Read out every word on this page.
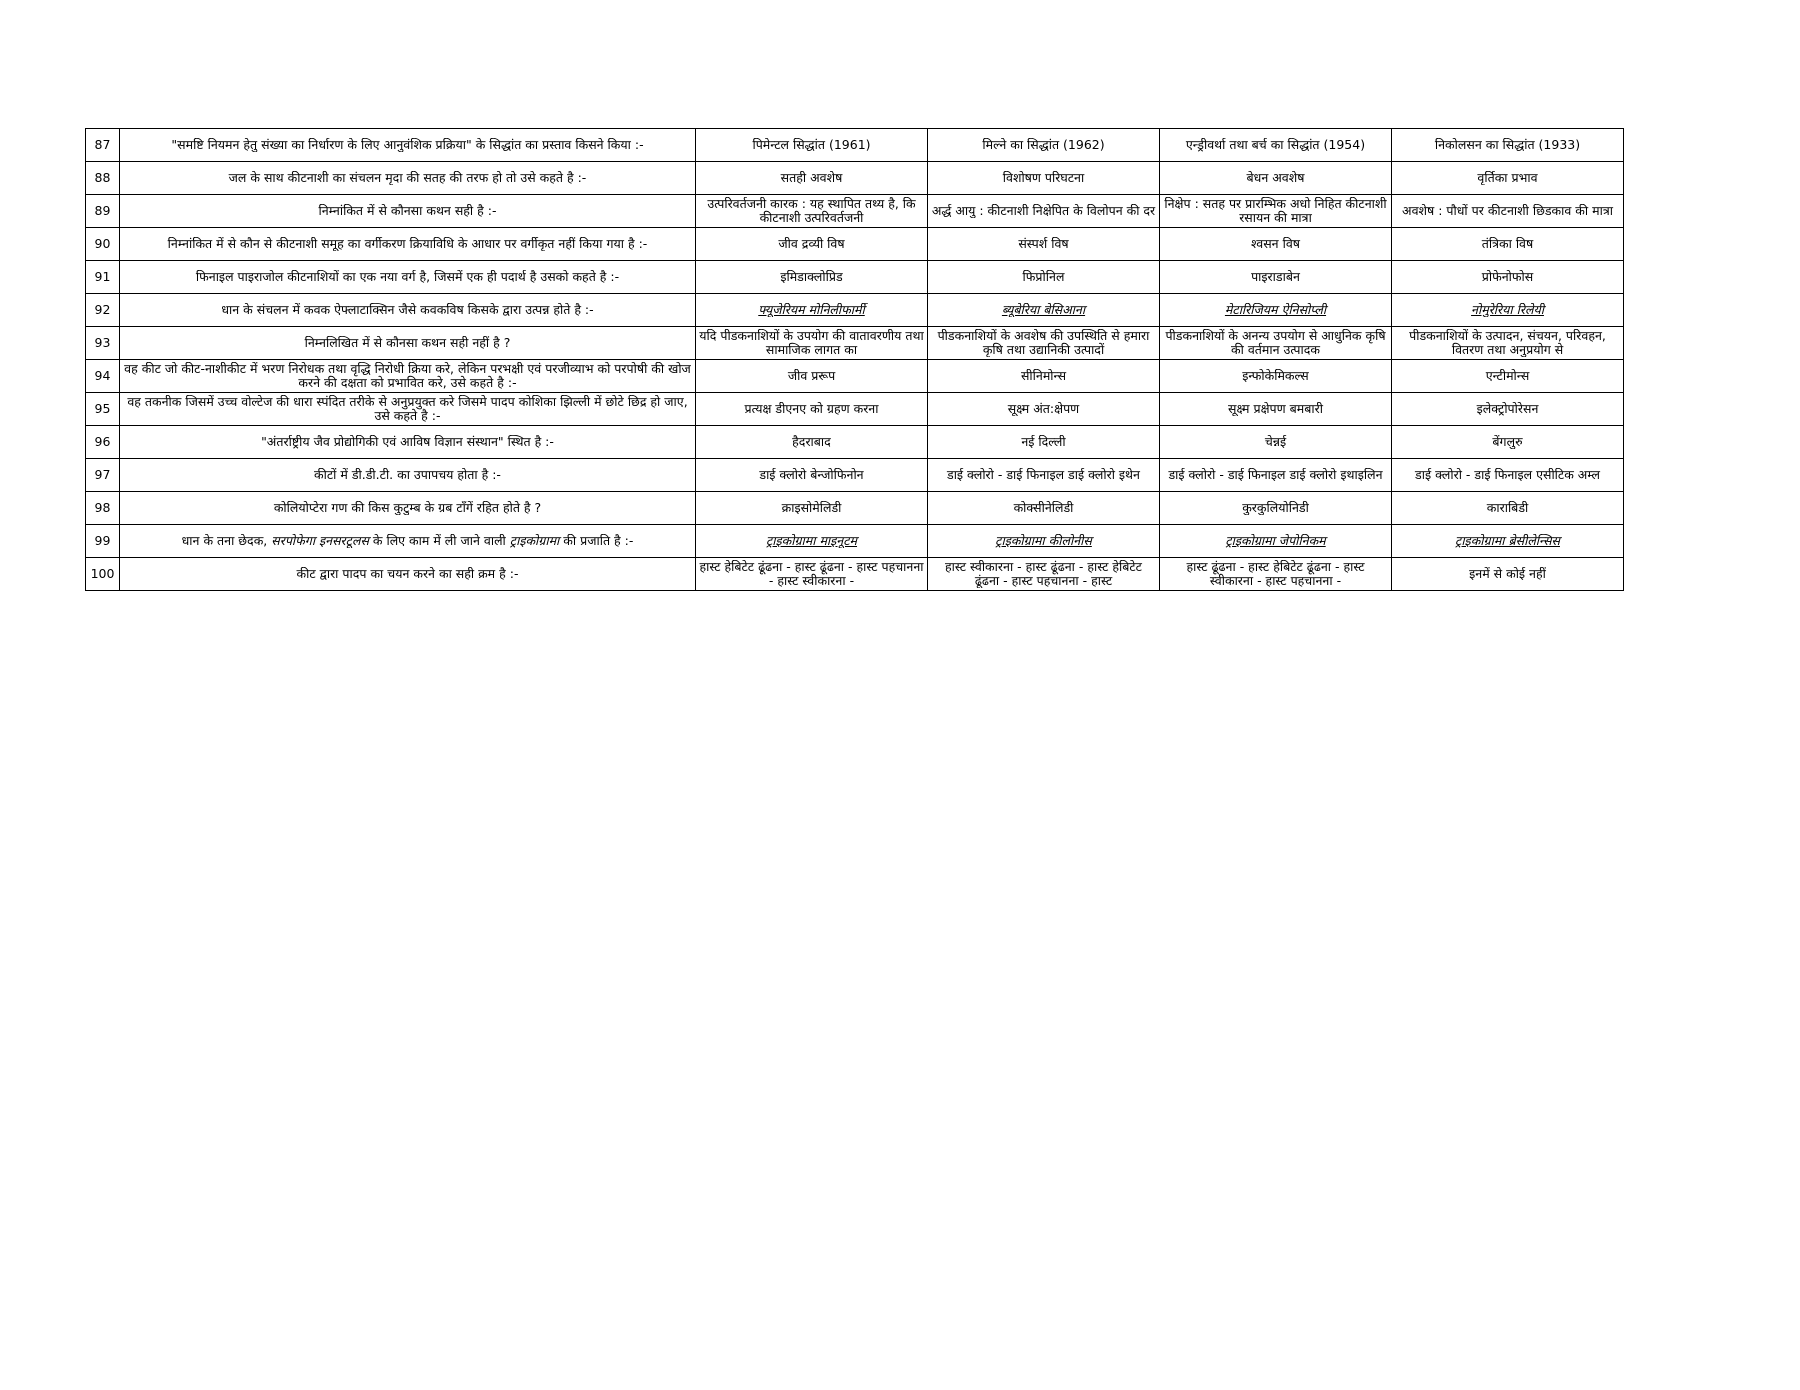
87	"समष्टि नियमन हेतु संख्या का निर्धारण के लिए आनुवंशिक प्रक्रिया" के सिद्धांत का प्रस्ताव किसने किया :-	पिमेन्टल सिद्धांत (1961)	मिल्ने का सिद्धांत (1962)	एन्ड्रीवर्था तथा बर्च का सिद्धांत (1954)	निकोलसन का सिद्धांत (1933)

88	जल के साथ कीटनाशी का संचलन मृदा की सतह की तरफ हो तो उसे कहते है :-	सतही अवशेष	विशोषण परिघटना	बेधन अवशेष	वृर्तिका प्रभाव

89	निम्नांकित में से कौनसा कथन सही है :-	उत्परिवर्तजनी कारक : यह स्थापित तथ्य है, कि कीटनाशी उत्परिवर्तजनी	अर्द्ध आयु : कीटनाशी निक्षेपित के विलोपन की दर	निक्षेप : सतह पर प्रारम्भिक अधो निहित कीटनाशी रसायन की मात्रा	अवशेष : पौधों पर कीटनाशी छिडकाव की मात्रा

90	निम्नांकित में से कौन से कीटनाशी समूह का वर्गीकरण क्रियाविधि के आधार पर वर्गीकृत नहीं किया गया है :-	जीव द्रव्यी विष	संस्पर्श विष	श्वसन विष	तंत्रिका विष

91	फिनाइल पाइराजोल कीटनाशियों का एक नया वर्ग है, जिसमें एक ही पदार्थ है उसको कहते है :-	इमिडाक्लोप्रिड	फिप्रोनिल	पाइराडाबेन	प्रोफेनोफोस

92	धान के संचलन में कवक ऐफ्लाटाक्सिन जैसे कवकविष किसके द्वारा उत्पन्न होते है :-	फ्यूजेरियम मोनिलीफार्मी	ब्यूबेरिया बेसिआना	मेटारिजियम ऐनिसोप्ली	नोमुरेरिया रिलेयी

93	निम्नलिखित में से कौनसा कथन सही नहीं है ?	यदि पीडकनाशियों के उपयोग की वातावरणीय तथा सामाजिक लागत का	पीडकनाशियों के अवशेष की उपस्थिति से हमारा कृषि तथा उद्यानिकी उत्पादों	पीडकनाशियों के अनन्य उपयोग से आधुनिक कृषि की वर्तमान उत्पादक	पीडकनाशियों के उत्पादन, संचयन, परिवहन, वितरण तथा अनुप्रयोग से

94	वह कीट जो कीट-नाशीकीट में भरण निरोधक तथा वृद्धि निरोधी क्रिया करे, लेकिन परभक्षी एवं परजीव्याभ को परपोषी की खोज करने की दक्षता को प्रभावित करे, उसे कहते है :-	जीव प्ररूप	सीनिमोन्स	इन्फोकेमिकल्स	एन्टीमोन्स

95	वह तकनीक जिसमें उच्च वोल्टेज की धारा स्पंदित तरीके से अनुप्रयुक्त करे जिसमे पादप कोशिका झिल्ली में छोटे छिद्र हो जाए, उसे कहते है :-	प्रत्यक्ष डीएनए को ग्रहण करना	सूक्ष्म अंत:क्षेपण	सूक्ष्म प्रक्षेपण बमबारी	इलेक्ट्रोपोरेसन

96	"अंतर्राष्ट्रीय जैव प्रोद्योगिकी एवं आविष विज्ञान संस्थान" स्थित है :-	हैदराबाद	नई दिल्ली	चेन्नई	बेंगलुरु

97	कीटों में डी.डी.टी. का उपापचय होता है :-	डाई क्लोरो बेन्जोफिनोन	डाई क्लोरो - डाई फिनाइल डाई क्लोरो इथेन	डाई क्लोरो - डाई फिनाइल डाई क्लोरो इथाइलिन	डाई क्लोरो - डाई फिनाइल एसीटिक अम्ल

98	कोलियोप्टेरा गण की किस कुटुम्ब के ग्रब टाँगें रहित होते है ?	क्राइसोमेलिडी	कोक्सीनेलिडी	कुरकुलियोनिडी	काराबिडी

99	धान के तना छेदक, सरपोफेगा इनसरटूलस के लिए काम में ली जाने वाली ट्राइकोग्रामा की प्रजाति है :-	ट्राइकोग्रामा माइनूटम	ट्राइकोग्रामा कीलोनीस	ट्राइकोग्रामा जेपोनिकम	ट्राइकोग्रामा ब्रेसीलेन्सिस

100	कीट द्वारा पादप का चयन करने का सही क्रम है :-	हास्ट हेबिटेट ढूंढना - हास्ट ढूंढना - हास्ट पहचानना - हास्ट स्वीकारना -	हास्ट स्वीकारना - हास्ट ढूंढना - हास्ट हेबिटेट ढूंढना - हास्ट पहचानना - हास्ट	हास्ट ढूंढना - हास्ट हेबिटेट ढूंढना - हास्ट स्वीकारना - हास्ट पहचानना -	इनमें से कोई नहीं
